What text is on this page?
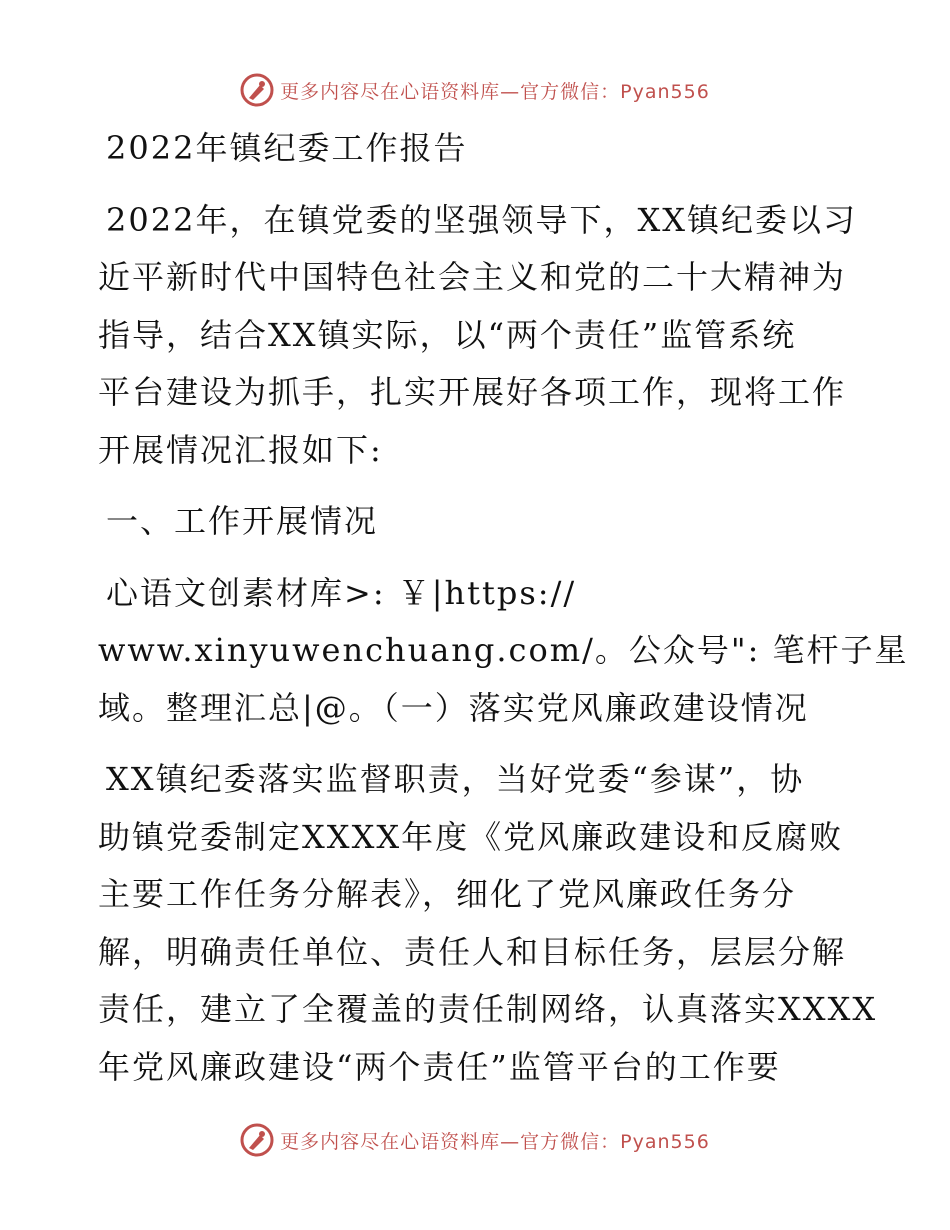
更多内容尽在心语资料库—官方微信：Pyan556
2022年镇纪委工作报告
2022年，在镇党委的坚强领导下，XX镇纪委以习
近平新时代中国特色社会主义和党的二十大精神为
指导，结合XX镇实际，以“两个责任”监管系统
平台建设为抓手，扎实开展好各项工作，现将工作
开展情况汇报如下:
一、工作开展情况
心语文创素材库>: ￥|https://
www.xinyuwenchuang.com/。公众号": 笔杆子星
域。整理汇总|@。（一）落实党风廉政建设情况
XX镇纪委落实监督职责，当好党委“参谋”，协
助镇党委制定XXXX年度《党风廉政建设和反腐败
主要工作任务分解表》，细化了党风廉政任务分
解，明确责任单位、责任人和目标任务，层层分解
责任，建立了全覆盖的责任制网络，认真落实XXXX
年党风廉政建设“两个责任”监管平台的工作要
更多内容尽在心语资料库—官方微信：Pyan556
